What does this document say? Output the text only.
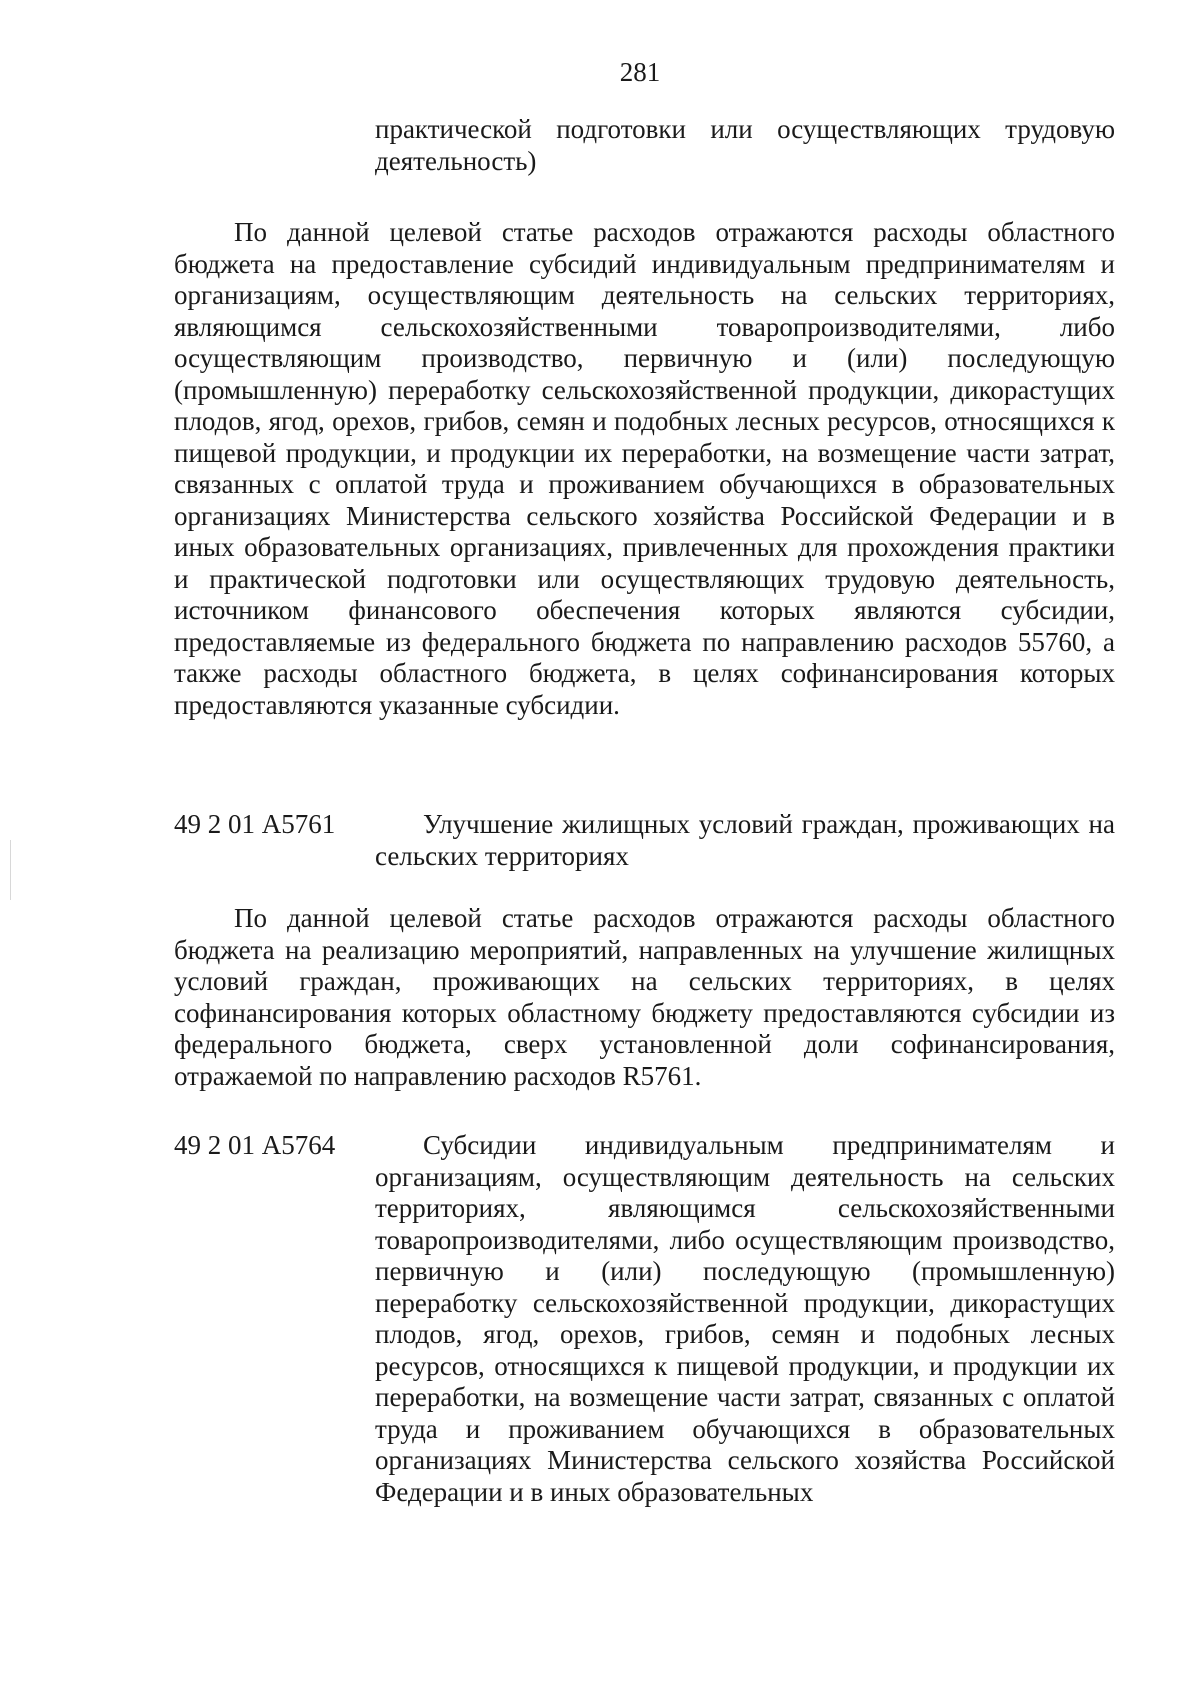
281
практической подготовки или осуществляющих трудовую деятельность)
По данной целевой статье расходов отражаются расходы областного бюджета на предоставление субсидий индивидуальным предпринимателям и организациям, осуществляющим деятельность на сельских территориях, являющимся сельскохозяйственными товаропроизводителями, либо осуществляющим производство, первичную и (или) последующую (промышленную) переработку сельскохозяйственной продукции, дикорастущих плодов, ягод, орехов, грибов, семян и подобных лесных ресурсов, относящихся к пищевой продукции, и продукции их переработки, на возмещение части затрат, связанных с оплатой труда и проживанием обучающихся в образовательных организациях Министерства сельского хозяйства Российской Федерации и в иных образовательных организациях, привлеченных для прохождения практики и практической подготовки или осуществляющих трудовую деятельность, источником финансового обеспечения которых являются субсидии, предоставляемые из федерального бюджета по направлению расходов 55760, а также расходы областного бюджета, в целях софинансирования которых предоставляются указанные субсидии.
49 2 01 А5761	Улучшение жилищных условий граждан, проживающих на сельских территориях
По данной целевой статье расходов отражаются расходы областного бюджета на реализацию мероприятий, направленных на улучшение жилищных условий граждан, проживающих на сельских территориях, в целях софинансирования которых областному бюджету предоставляются субсидии из федерального бюджета, сверх установленной доли софинансирования, отражаемой по направлению расходов R5761.
49 2 01 А5764	Субсидии индивидуальным предпринимателям и организациям, осуществляющим деятельность на сельских территориях, являющимся сельскохозяйственными товаропроизводителями, либо осуществляющим производство, первичную и (или) последующую (промышленную) переработку сельскохозяйственной продукции, дикорастущих плодов, ягод, орехов, грибов, семян и подобных лесных ресурсов, относящихся к пищевой продукции, и продукции их переработки, на возмещение части затрат, связанных с оплатой труда и проживанием обучающихся в образовательных организациях Министерства сельского хозяйства Российской Федерации и в иных образовательных
